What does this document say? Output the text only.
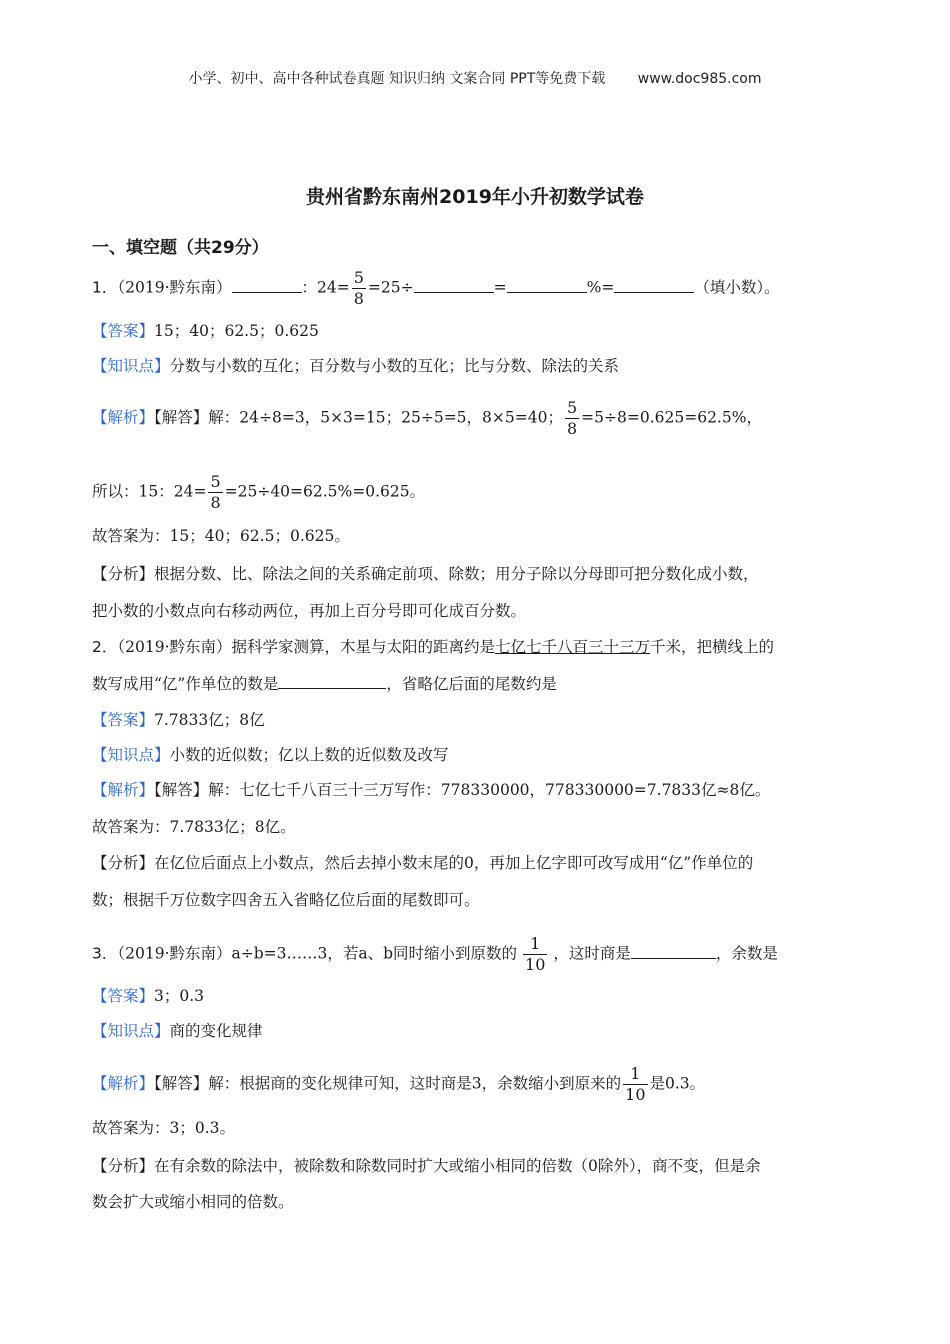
小学、初中、高中各种试卷真题 知识归纳 文案合同 PPT等免费下载 www.doc985.com
贵州省黔东南州2019年小升初数学试卷
一、填空题（共29分）
1．（2019·黔东南）	：$24= \frac{5}{8} =25\div$	=	%=	（填小数）。
【答案】15；40；62.5；0.625
【知识点】分数与小数的互化；百分数与小数的互化；比与分数、除法的关系
【解析】【解答】解：24÷8=3，5×3=15；25÷5=5，8×5=40； $\frac{5}{8} =5\div 8=0.625=62.5\%$，
所以：15：$24= \frac{5}{8} =25\div 40=62.5\%=0.625$。
故答案为：15；40；62.5；0.625。
【分析】根据分数、比、除法之间的关系确定前项、除数；用分子除以分母即可把分数化成小数，
把小数的小数点向右移动两位，再加上百分号即可化成百分数。
2．（2019·黔东南）据科学家测算，木星与太阳的距离约是七亿七千八百三十三万千米，把横线上的
数写成用“亿”作单位的数是	，省略亿后面的尾数约是
【答案】7.7833亿；8亿
【知识点】小数的近似数；亿以上数的近似数及改写
【解析】【解答】解：七亿七千八百三十三万写作：778330000，778330000=7.7833亿≈8亿。
故答案为：7.7833亿；8亿。
【分析】在亿位后面点上小数点，然后去掉小数末尾的0，再加上亿字即可改写成用“亿”作单位的
数；根据千万位数字四舍五入省略亿位后面的尾数即可。
3．（2019·黔东南）a÷b=3……3，若a、b同时缩小到原数的 $\frac{1}{10}$ ，这时商是	，余数是
【答案】3；0.3
【知识点】商的变化规律
【解析】【解答】解：根据商的变化规律可知，这时商是3，余数缩小到原来的 $\frac{1}{10}$ 是0.3。
故答案为：3；0.3。
【分析】在有余数的除法中，被除数和除数同时扩大或缩小相同的倍数（0除外），商不变，但是余
数会扩大或缩小相同的倍数。
